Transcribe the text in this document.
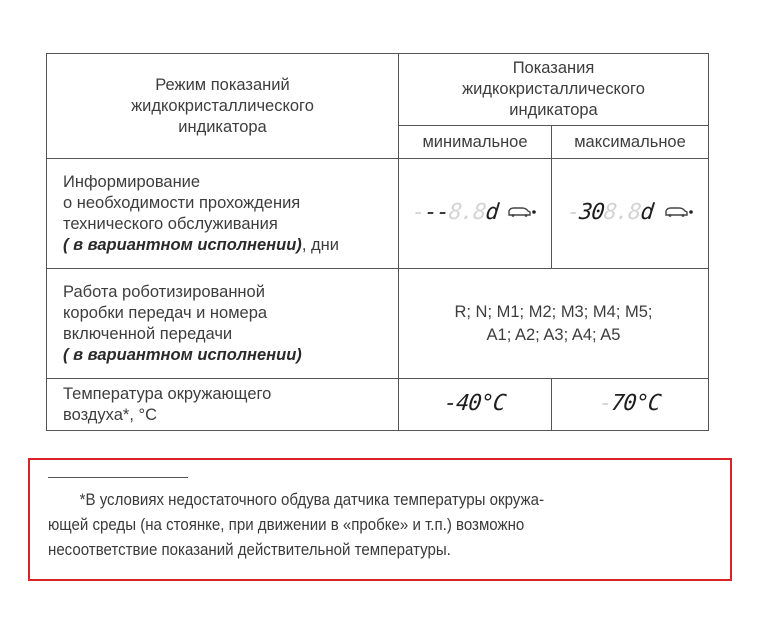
Режим показаний
жидкокристаллического
индикатора

Показания
жидкокристаллического
индикатора

	минимальное	максимальное

Информирование
о необходимости прохождения
технического обслуживания
( в вариантном исполнении), дни	---8.8d	-308.8d

Работа роботизированной
коробки передач и номера
включенной передачи
( в вариантном исполнении)

R; N; M1; M2; M3; M4; M5;
A1; A2; A3; A4; A5

Температура окружающего
воздуха*, °C	-40°C	-70°C
*В условиях недостаточного обдува датчика температуры окружа-
ющей среды (на стоянке, при движении в «пробке» и т.п.) возможно
несоответствие показаний действительной температуры.
